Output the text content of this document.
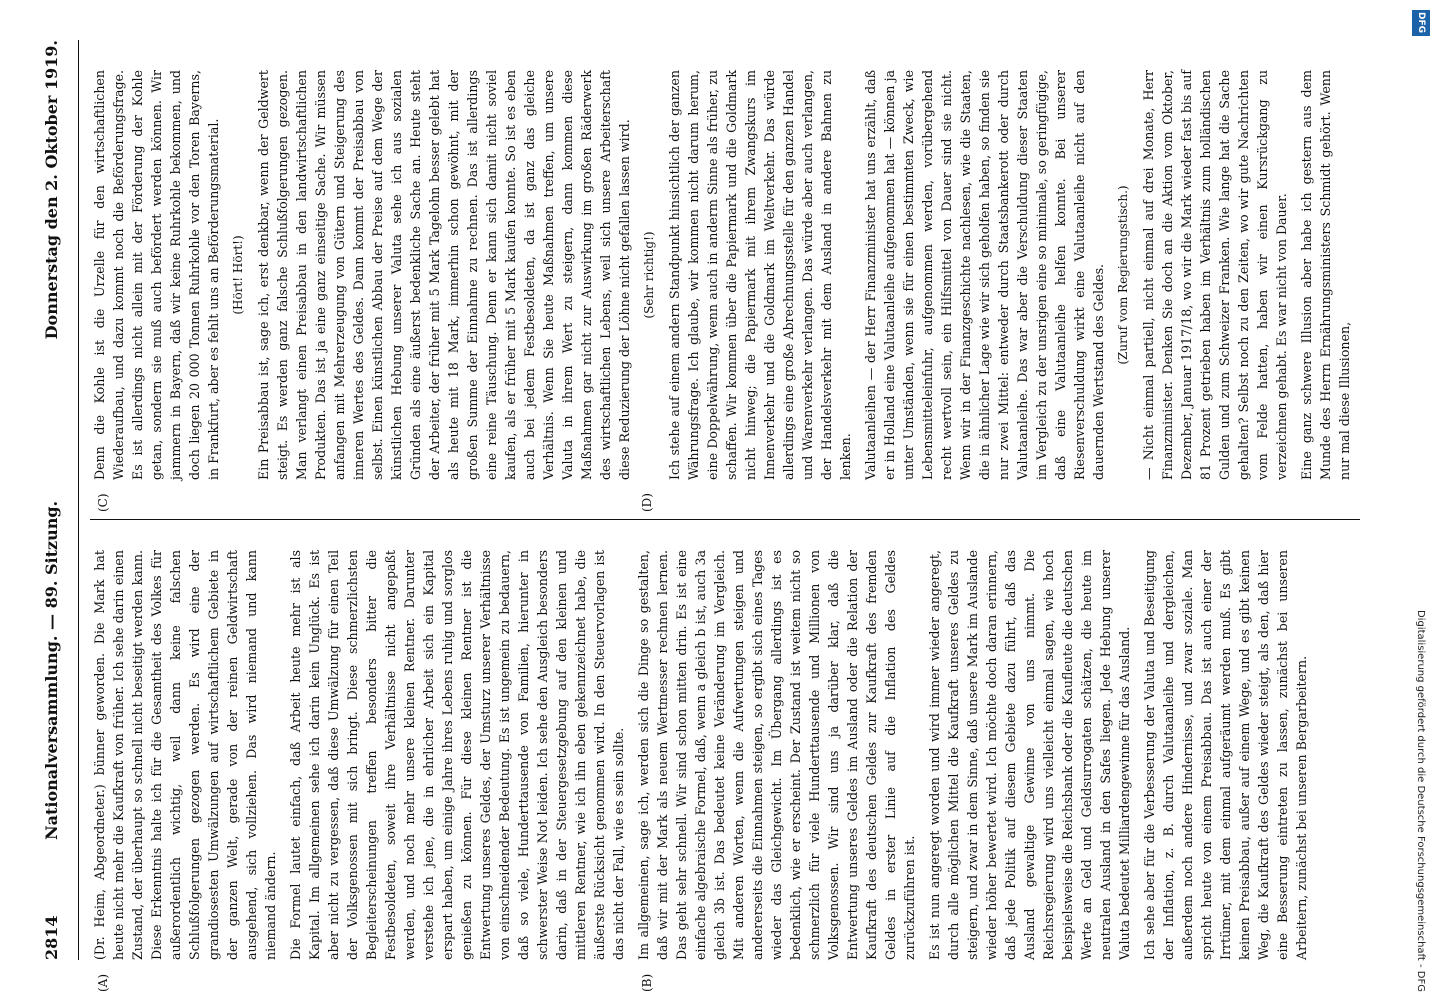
2814
Nationalversammlung. — 89. Sitzung.
Donnerstag den 2. Oktober 1919.
(A)	(B)
(C)	(D)

(Dr. Heim, Abgeordneter.) bünner geworden. Die Mark hat heute nicht mehr die Kaufkraft von früher. Ich sehe darin einen Zustand, der überhaupt so schnell nicht beseitigt werden kann. Diese Erkenntnis halte ich für die Gesamtheit des Volkes für außerordentlich wichtig, weil dann keine falschen Schlußfolgerungen gezogen werden. Es wird eine der grandiosesten Umwälzungen auf wirtschaftlichem Gebiete in der ganzen Welt, gerade von der reinen Geldwirtschaft ausgehend, sich vollziehen. Das wird niemand und kann niemand ändern. Die Formel lautet einfach, daß Arbeit heute mehr ist als Kapital. Im allgemeinen sehe ich darin kein Unglück. Es ist aber nicht zu vergessen, daß diese Umwälzung für einen Teil der Volksgenossen mit sich bringt. Diese schmerzlichsten Begleiterscheinungen treffen besonders bitter die Festbesoldeten, soweit ihre Verhältnisse nicht angepaßt werden, und noch mehr unsere kleinen Rentner. Darunter verstehe ich jene, die in ehrlicher Arbeit sich ein Kapital erspart haben, um einige Jahre ihres Lebens ruhig und sorglos genießen zu können. Für diese kleinen Rentner ist die Entwertung unseres Geldes, der Umsturz unserer Verhältnisse von einschneidender Bedeutung. Es ist ungemein zu bedauern, daß so viele, Hunderttausende von Familien, hierunter in schwerster Weise Not leiden. Ich sehe den Ausgleich besonders darin, daß in der Steuergesetzgebung auf den kleinen und mittleren Rentner, wie ich ihn eben gekennzeichnet habe, die äußerste Rücksicht genommen wird. In den Steuervorlagen ist das nicht der Fall, wie es sein sollte. Im allgemeinen, sage ich, werden sich die Dinge so gestalten, daß wir mit der Mark als neuem Wertmesser rechnen lernen. Das geht sehr schnell. Wir sind schon mitten drin. Es ist eine einfache algebraische Formel, daß, wenn a gleich b ist, auch 3a gleich 3b ist. Das bedeutet keine Veränderung im Vergleich. Mit anderen Worten, wenn die Aufwertungen steigen und andererseits die Einnahmen steigen, so ergibt sich eines Tages wieder das Gleichgewicht. Im Übergang allerdings ist es bedenklich, wie er erscheint. Der Zustand ist weitem nicht so schmerzlich für viele Hunderttausende und Millionen von Volksgenossen. Wir sind uns ja darüber klar, daß die Entwertung unseres Geldes im Ausland oder die Relation der Kaufkraft des deutschen Geldes zur Kaufkraft des fremden Geldes in erster Linie auf die Inflation des Geldes zurückzuführen ist. Es ist nun angeregt worden und wird immer wieder angeregt, durch alle möglichen Mittel die Kaufkraft unseres Geldes zu steigern, und zwar in dem Sinne, daß unsere Mark im Auslande wieder höher bewertet wird. Ich möchte doch daran erinnern, daß jede Politik auf diesem Gebiete dazu führt, daß das Ausland gewaltige Gewinne von uns nimmt. Die Reichsregierung wird uns vielleicht einmal sagen, wie hoch beispielsweise die Reichsbank oder die Kaufleute die deutschen Werte an Geld und Geldsurrogaten schätzen, die heute im neutralen Ausland in den Safes liegen. Jede Hebung unserer Valuta bedeutet Milliardengewinne für das Ausland. Ich sehe aber für die Verbesserung der Valuta und Beseitigung der Inflation, z. B. durch Valutaanleihe und dergleichen, außerdem noch andere Hindernisse, und zwar soziale. Man spricht heute von einem Preisabbau. Das ist auch einer der Irrtümer, mit dem einmal aufgeräumt werden muß. Es gibt keinen Preisabbau, außer auf einem Wege, und es gibt keinen Weg, die Kaufkraft des Geldes wieder steigt, als den, daß hier eine Besserung eintreten zu lassen, zunächst bei unseren Arbeitern, zunächst bei unseren Bergarbeitern.

Denn die Kohle ist die Urzelle für den wirtschaftlichen Wiederaufbau, und dazu kommt noch die Beförderungsfrage. Es ist allerdings nicht allein mit der Förderung der Kohle getan, sondern sie muß auch befördert werden können. Wir jammern in Bayern, daß wir keine Ruhrkohle bekommen, und doch liegen 20 000 Tonnen Ruhrkohle vor den Toren Bayerns, in Frankfurt, aber es fehlt uns an Beförderungsmaterial. (Hört! Hört!) Ein Preisabbau ist, sage ich, erst denkbar, wenn der Geldwert steigt. Es werden ganz falsche Schlußfolgerungen gezogen. Man verlangt einen Preisabbau in den landwirtschaftlichen Produkten. Das ist ja eine ganz einseitige Sache. Wir müssen anfangen mit Mehrerzeugung von Gütern und Steigerung des inneren Wertes des Geldes. Dann kommt der Preisabbau von selbst. Einen künstlichen Abbau der Preise auf dem Wege der künstlichen Hebung unserer Valuta sehe ich aus sozialen Gründen als eine äußerst bedenkliche Sache an. Heute steht der Arbeiter, der früher mit 5 Mark Tagelohn besser gelebt hat als heute mit 18 Mark, immerhin schon gewöhnt, mit der großen Summe der Einnahme zu rechnen. Das ist allerdings eine reine Täuschung. Denn er kann sich damit nicht soviel kaufen, als er früher mit 5 Mark kaufen konnte. So ist es eben auch bei jedem Festbesoldeten, da ist ganz das gleiche Verhältnis. Wenn Sie heute Maßnahmen treffen, um unsere Valuta in ihrem Wert zu steigern, dann kommen diese Maßnahmen gar nicht zur Auswirkung im großen Räderwerk des wirtschaftlichen Lebens, weil sich unsere Arbeiterschaft diese Reduzierung der Löhne nicht gefallen lassen wird. (Sehr richtig!) Ich stehe auf einem andern Standpunkt hinsichtlich der ganzen Währungsfrage. Ich glaube, wir kommen nicht darum herum, eine Doppelwährung, wenn auch in anderm Sinne als früher, zu schaffen. Wir kommen über die Papiermark und die Goldmark nicht hinweg; die Papiermark mit ihrem Zwangskurs im Innenverkehr und die Goldmark im Weltverkehr. Das würde allerdings eine große Abrechnungsstelle für den ganzen Handel und Warenverkehr verlangen. Das würde aber auch verlangen, der Handelsverkehr mit dem Ausland in andere Bahnen zu lenken. Valutaanleihen — der Herr Finanzminister hat uns erzählt, daß er in Holland eine Valutaanleihe aufgenommen hat — können ja unter Umständen, wenn sie für einen bestimmten Zweck, wie Lebensmitteleinfuhr, aufgenommen werden, vorübergehend recht wertvoll sein, ein Hilfsmittel von Dauer sind sie nicht. Wenn wir in der Finanzgeschichte nachlesen, wie die Staaten, die in ähnlicher Lage wie wir sich geholfen haben, so finden sie nur zwei Mittel: entweder durch Staatsbankerott oder durch Valutaanleihe. Das war aber die Verschuldung dieser Staaten im Vergleich zu der unsrigen eine so minimale, so geringfügige, daß eine Valutaanleihe helfen konnte. Bei unserer Riesenverschuldung wirkt eine Valutaanleihe nicht auf den dauernden Wertstand des Geldes. (Zuruf vom Regierungstisch.) — Nicht einmal partiell, nicht einmal auf drei Monate, Herr Finanzminister. Denken Sie doch an die Aktion vom Oktober, Dezember, Januar 1917/18, wo wir die Mark wieder fast bis auf 81 Prozent getrieben haben im Verhältnis zum holländischen Gulden und zum Schweizer Franken. Wie lange hat die Sache gehalten? Selbst noch zu den Zeiten, wo wir gute Nachrichten vom Felde hatten, haben wir einen Kursrückgang zu verzeichnen gehabt. Es war nicht von Dauer. Eine ganz schwere Illusion aber habe ich gestern aus dem Munde des Herrn Ernährungsministers Schmidt gehört. Wenn nur mal diese Illusionen,

Digitalisierung gefördert durch die Deutsche Forschungsgemeinschaft - DFG
DFG
